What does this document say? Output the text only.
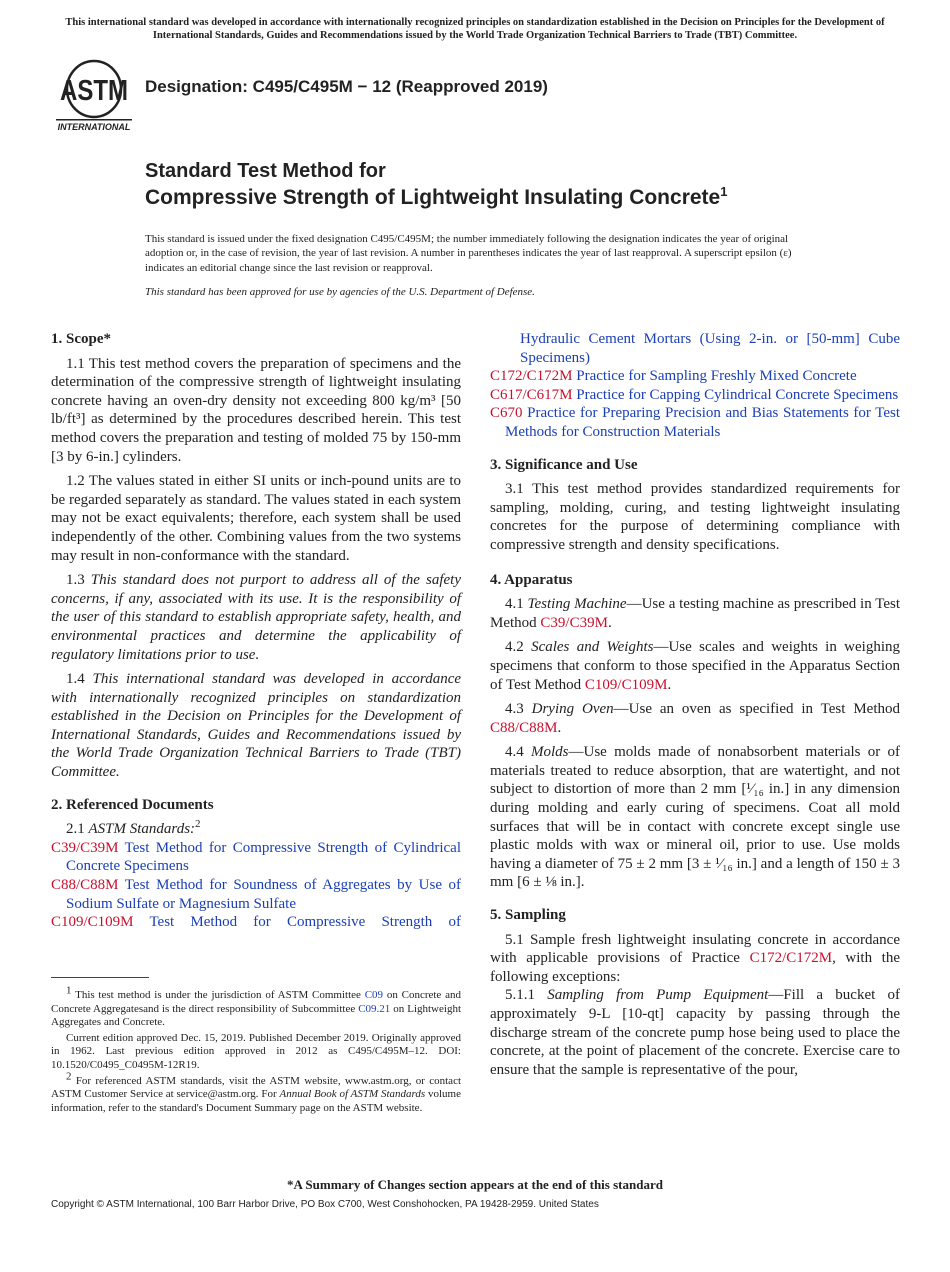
This international standard was developed in accordance with internationally recognized principles on standardization established in the Decision on Principles for the Development of International Standards, Guides and Recommendations issued by the World Trade Organization Technical Barriers to Trade (TBT) Committee.
ASTM
INTERNATIONAL
Designation: C495/C495M − 12 (Reapproved 2019)
Standard Test Method for
Compressive Strength of Lightweight Insulating Concrete$^1$
This standard is issued under the fixed designation C495/C495M; the number immediately following the designation indicates the year of original adoption or, in the case of revision, the year of last revision. A number in parentheses indicates the year of last reapproval. A superscript epsilon (ε) indicates an editorial change since the last revision or reapproval.
This standard has been approved for use by agencies of the U.S. Department of Defense.
1. Scope*

1.1 This test method covers the preparation of specimens and the determination of the compressive strength of lightweight insulating concrete having an oven-dry density not exceeding 800 kg/m³ [50 lb/ft³] as determined by the procedures described herein. This test method covers the preparation and testing of molded 75 by 150-mm [3 by 6-in.] cylinders.

1.2 The values stated in either SI units or inch-pound units are to be regarded separately as standard. The values stated in each system may not be exact equivalents; therefore, each system shall be used independently of the other. Combining values from the two systems may result in non-conformance with the standard.

1.3 This standard does not purport to address all of the safety concerns, if any, associated with its use. It is the responsibility of the user of this standard to establish appropriate safety, health, and environmental practices and determine the applicability of regulatory limitations prior to use.

1.4 This international standard was developed in accordance with internationally recognized principles on standardization established in the Decision on Principles for the Development of International Standards, Guides and Recommendations issued by the World Trade Organization Technical Barriers to Trade (TBT) Committee.

2. Referenced Documents

2.1 ASTM Standards:$^2$

C39/C39M Test Method for Compressive Strength of Cylindrical Concrete Specimens
C88/C88M Test Method for Soundness of Aggregates by Use of Sodium Sulfate or Magnesium Sulfate
C109/C109M Test Method for Compressive Strength of
Hydraulic Cement Mortars (Using 2-in. or [50-mm] Cube Specimens)
C172/C172M Practice for Sampling Freshly Mixed Concrete
C617/C617M Practice for Capping Cylindrical Concrete Specimens
C670 Practice for Preparing Precision and Bias Statements for Test Methods for Construction Materials
3. Significance and Use

3.1 This test method provides standardized requirements for sampling, molding, curing, and testing lightweight insulating concretes for the purpose of determining compliance with compressive strength and density specifications.

4. Apparatus

4.1 Testing Machine—Use a testing machine as prescribed in Test Method C39/C39M.

4.2 Scales and Weights—Use scales and weights in weighing specimens that conform to those specified in the Apparatus Section of Test Method C109/C109M.

4.3 Drying Oven—Use an oven as specified in Test Method C88/C88M.

4.4 Molds—Use molds made of nonabsorbent materials or of materials treated to reduce absorption, that are watertight, and not subject to distortion of more than 2 mm [¹⁄₁₆ in.] in any dimension during molding and early curing of specimens. Coat all mold surfaces that will be in contact with concrete except single use plastic molds with wax or mineral oil, prior to use. Use molds having a diameter of 75 ± 2 mm [3 ± ¹⁄₁₆ in.] and a length of 150 ± 3 mm [6 ± ⅛ in.].

5. Sampling

5.1 Sample fresh lightweight insulating concrete in accordance with applicable provisions of Practice C172/C172M, with the following exceptions:

5.1.1 Sampling from Pump Equipment—Fill a bucket of approximately 9-L [10-qt] capacity by passing through the discharge stream of the concrete pump hose being used to place the concrete, at the point of placement of the concrete. Exercise care to ensure that the sample is representative of the pour,

1 This test method is under the jurisdiction of ASTM Committee C09 on Concrete and Concrete Aggregatesand is the direct responsibility of Subcommittee C09.21 on Lightweight Aggregates and Concrete.
Current edition approved Dec. 15, 2019. Published December 2019. Originally approved in 1962. Last previous edition approved in 2012 as C495/C495M–12. DOI: 10.1520/C0495_C0495M-12R19.
2 For referenced ASTM standards, visit the ASTM website, www.astm.org, or contact ASTM Customer Service at service@astm.org. For Annual Book of ASTM Standards volume information, refer to the standard's Document Summary page on the ASTM website.
*A Summary of Changes section appears at the end of this standard
Copyright © ASTM International, 100 Barr Harbor Drive, PO Box C700, West Conshohocken, PA 19428-2959. United States
